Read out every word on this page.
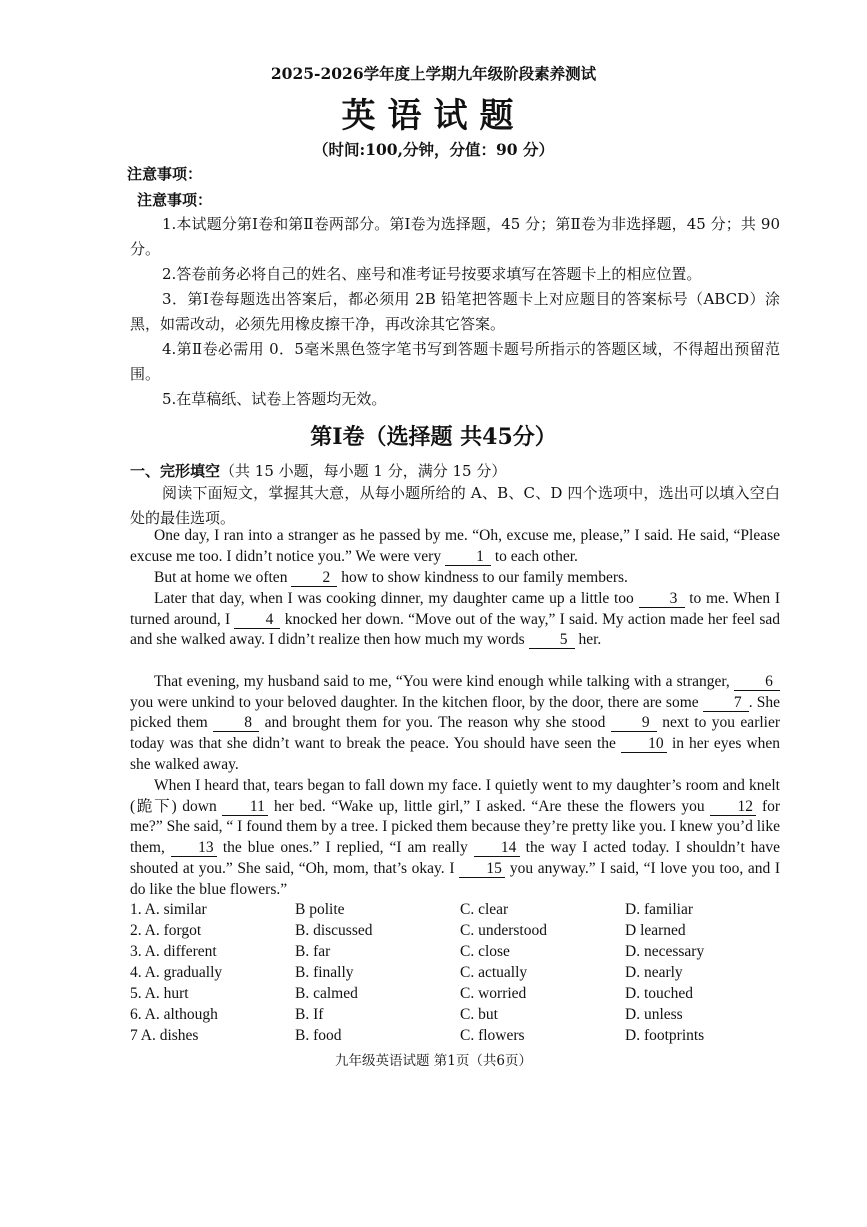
2025-2026学年度上学期九年级阶段素养测试
英语试题
（时间:100,分钟，分值：90 分）
注意事项：
注意事项：

1.本试题分第Ⅰ卷和第Ⅱ卷两部分。第Ⅰ卷为选择题，45 分；第Ⅱ卷为非选择题，45 分；共 90 分。

2.答卷前务必将自己的姓名、座号和准考证号按要求填写在答题卡上的相应位置。

3．第Ⅰ卷每题选出答案后，都必须用 2B 铅笔把答题卡上对应题目的答案标号（ABCD）涂黑，如需改动，必须先用橡皮擦干净，再改涂其它答案。

4.第Ⅱ卷必需用 0．5毫米黑色签字笔书写到答题卡题号所指示的答题区域，不得超出预留范围。

5.在草稿纸、试卷上答题均无效。

第Ⅰ卷（选择题 共45分）
一、完形填空（共 15 小题，每小题 1 分，满分 15 分）

阅读下面短文，掌握其大意，从每小题所给的 A、B、C、D 四个选项中，选出可以填入空白处的最佳选项。

One day, I ran into a stranger as he passed by me. “Oh, excuse me, please,” I said. He said, “Please excuse me too. I didn’t notice you.” We were very 1 to each other.

But at home we often 2 how to show kindness to our family members.

Later that day, when I was cooking dinner, my daughter came up a little too 3 to me. When I turned around, I 4 knocked her down. “Move out of the way,” I said. My action made her feel sad and she walked away. I didn’t realize then how much my words 5 her.

That evening, my husband said to me, “You were kind enough while talking with a stranger, 6 you were unkind to your beloved daughter. In the kitchen floor, by the door, there are some 7 . She picked them 8 and brought them for you. The reason why she stood 9 next to you earlier today was that she didn’t want to break the peace. You should have seen the 10 in her eyes when she walked away.

When I heard that, tears began to fall down my face. I quietly went to my daughter’s room and knelt (跪下) down 11 her bed. “Wake up, little girl,” I asked. “Are these the flowers you 12 for me?” She said, “ I found them by a tree. I picked them because they’re pretty like you. I knew you’d like them, 13 the blue ones.” I replied, “I am really 14 the way I acted today. I shouldn’t have shouted at you.” She said, “Oh, mom, that’s okay. I 15 you anyway.” I said, “I love you too, and I do like the blue flowers.”

1. A. similar	B polite	C. clear	D. familiar
2. A. forgot	B. discussed	C. understood	D learned
3. A. different	B. far	C. close	D. necessary
4. A. gradually	B. finally	C. actually	D. nearly
5. A. hurt	B. calmed	C. worried	D. touched
6. A. although	B. If	C. but	D. unless
7 A. dishes	B. food	C. flowers	D. footprints
九年级英语试题 第1页（共6页）
